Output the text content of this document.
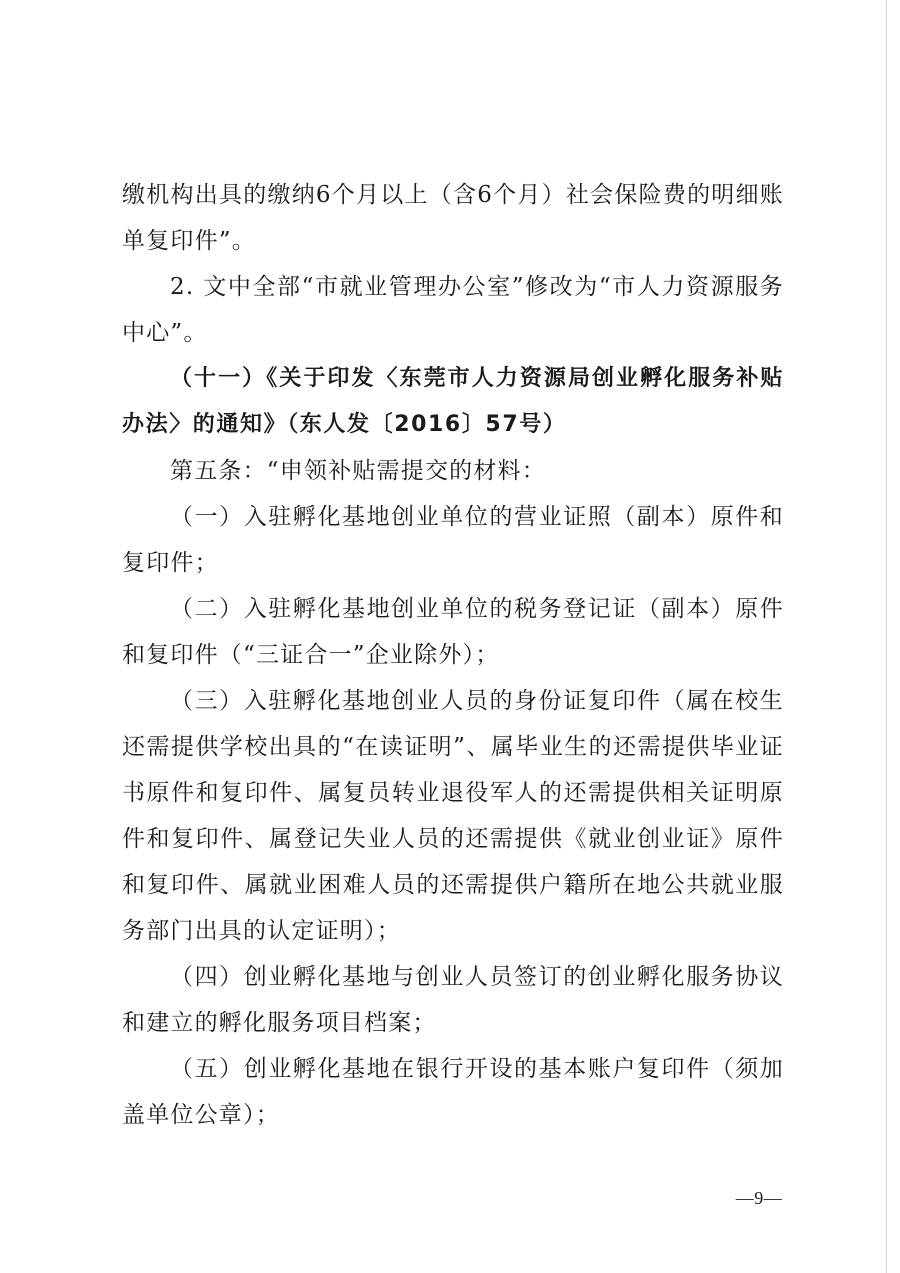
缴机构出具的缴纳6个月以上（含6个月）社会保险费的明细账单复印件”。

2. 文中全部“市就业管理办公室”修改为“市人力资源服务中心”。

（十一）《关于印发〈东莞市人力资源局创业孵化服务补贴办法〉的通知》（东人发〔2016〕57号）

第五条：“申领补贴需提交的材料：

（一）入驻孵化基地创业单位的营业证照（副本）原件和复印件；

（二）入驻孵化基地创业单位的税务登记证（副本）原件和复印件（“三证合一”企业除外）；

（三）入驻孵化基地创业人员的身份证复印件（属在校生还需提供学校出具的“在读证明”、属毕业生的还需提供毕业证书原件和复印件、属复员转业退役军人的还需提供相关证明原件和复印件、属登记失业人员的还需提供《就业创业证》原件和复印件、属就业困难人员的还需提供户籍所在地公共就业服务部门出具的认定证明）；

（四）创业孵化基地与创业人员签订的创业孵化服务协议和建立的孵化服务项目档案；

（五）创业孵化基地在银行开设的基本账户复印件（须加盖单位公章）；

—9—
